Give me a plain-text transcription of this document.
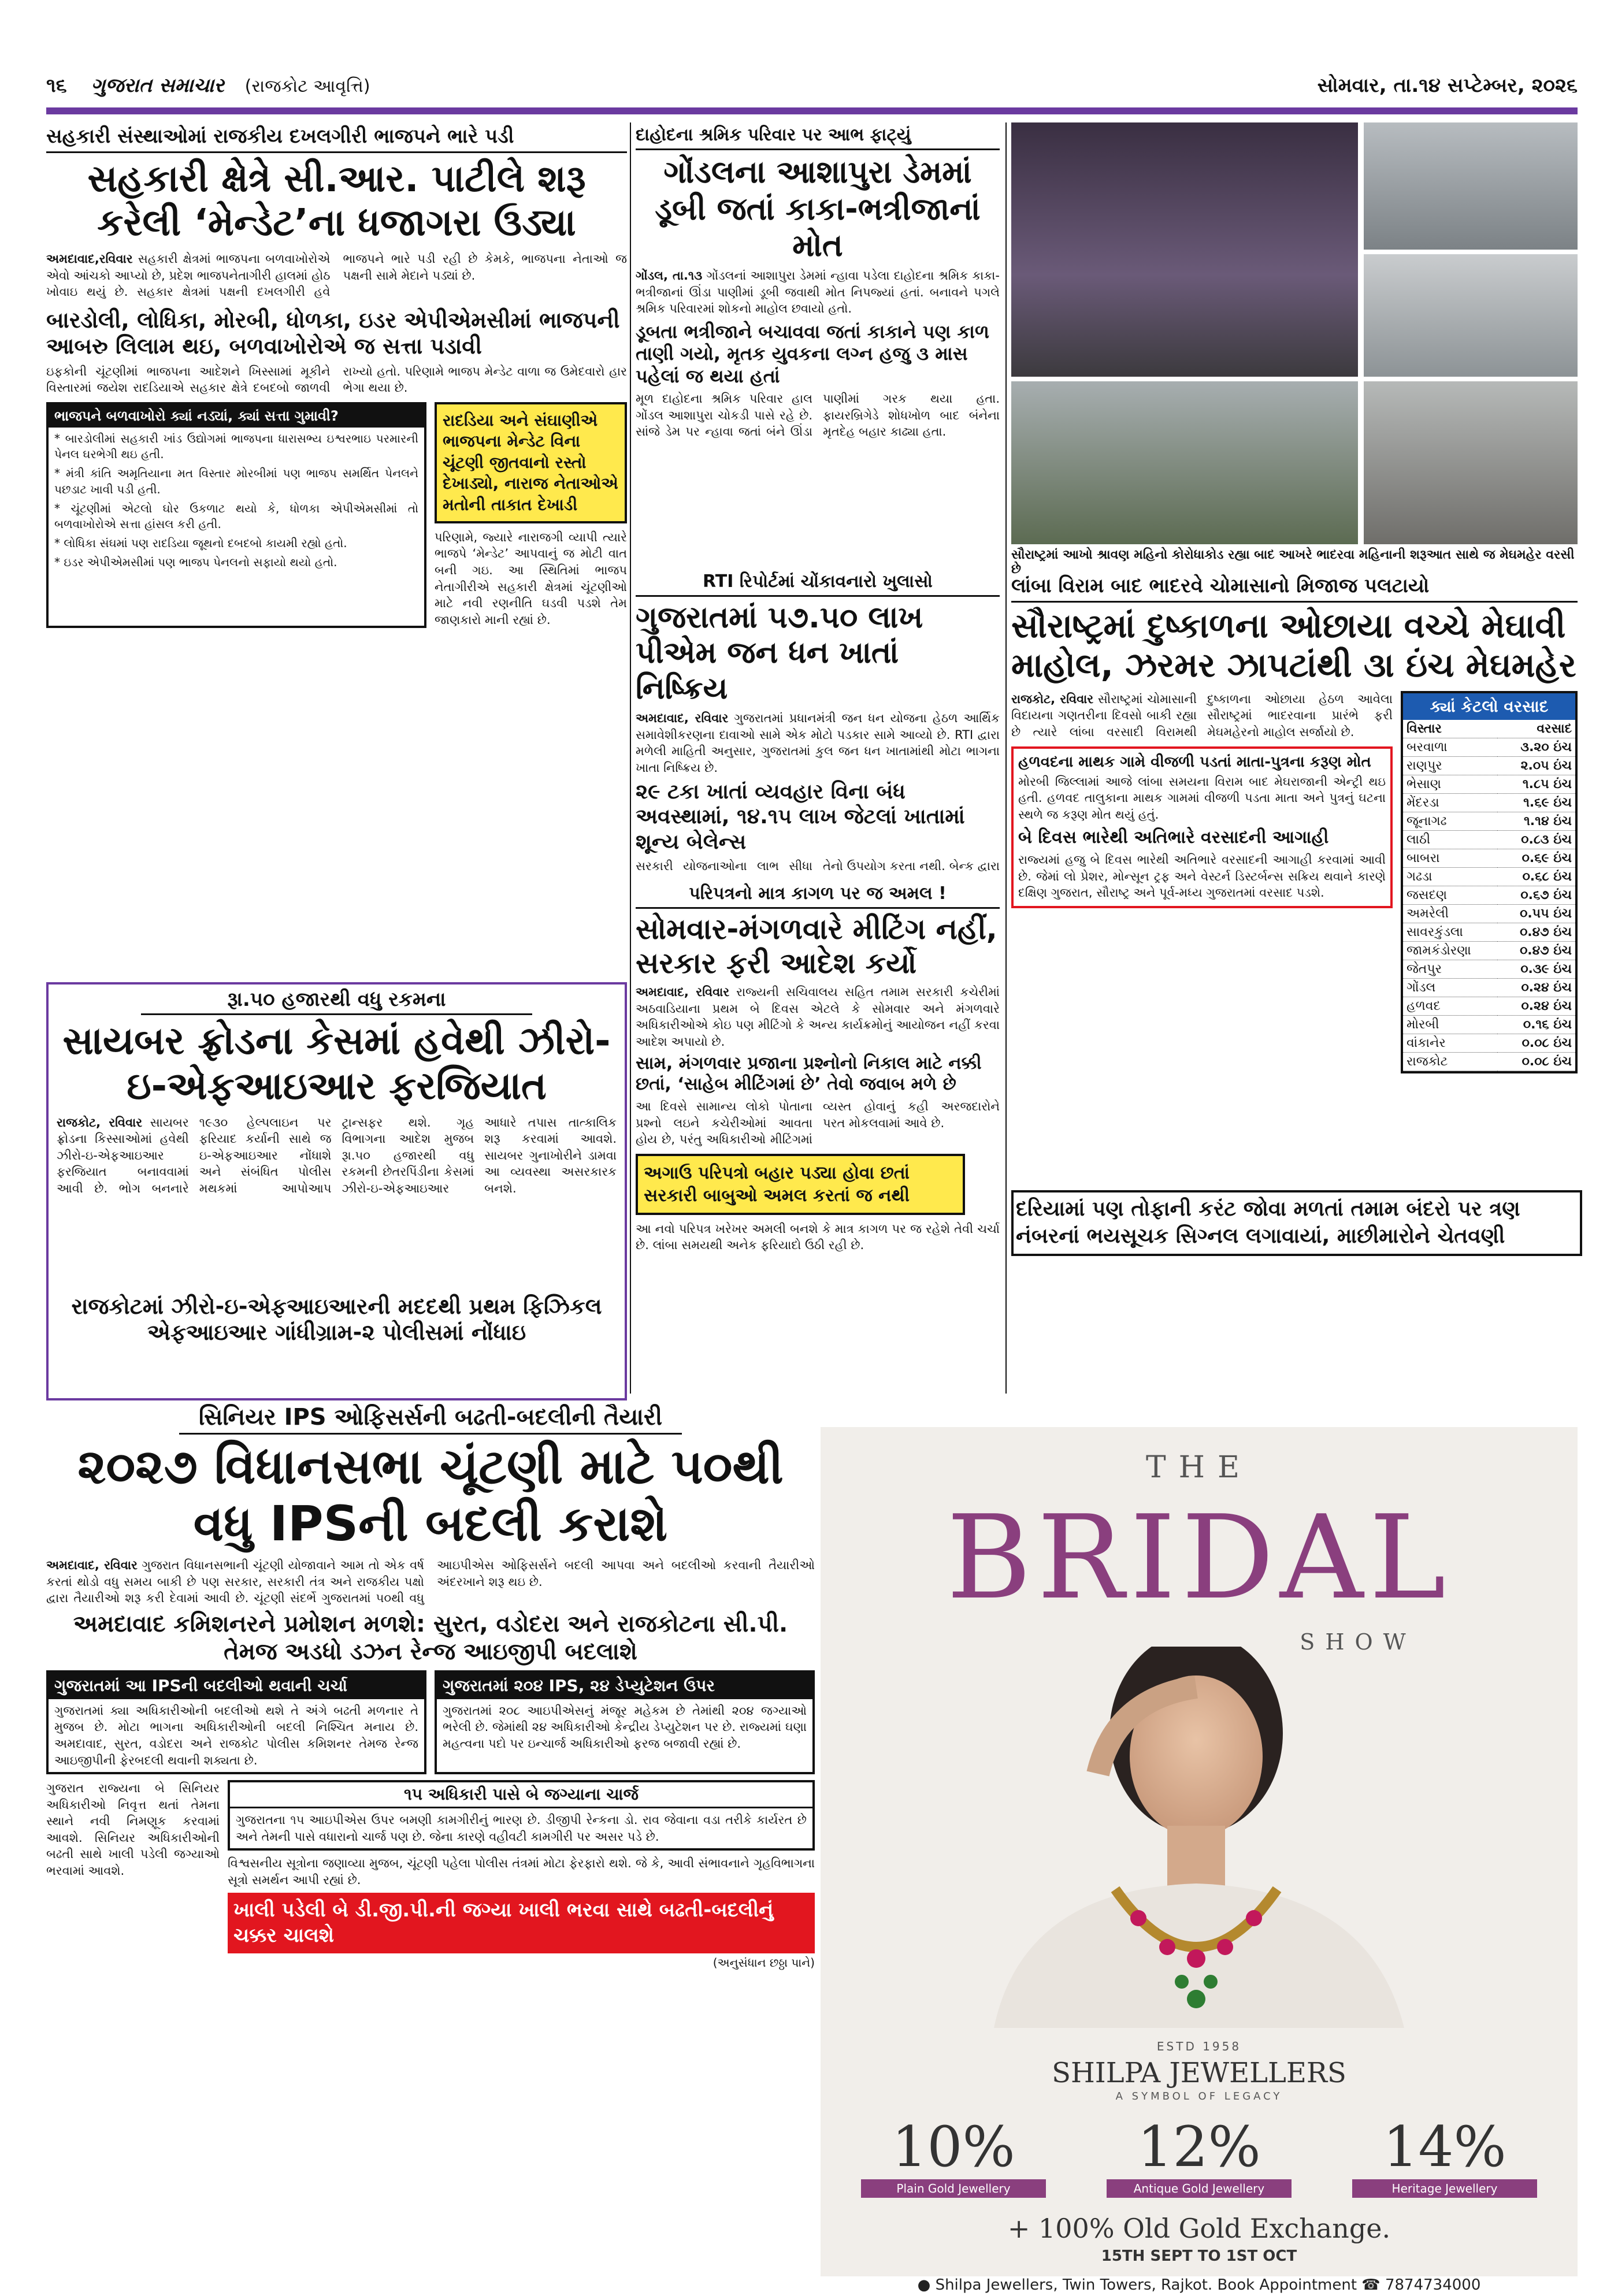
૧૬ ગુજરાત સમાચાર (રાજકોટ આવૃત્તિ)	સોમવાર, તા.૧૪ સપ્ટેમ્બર, ૨૦૨૬
સહકારી સંસ્થાઓમાં રાજકીય દખલગીરી ભાજપને ભારે પડી
સહકારી ક્ષેત્રે સી.આર. પાટીલે શરૂ કરેલી ‘મેન્ડેટ’ના ધજાગરા ઉડ્યા
અમદાવાદ,રવિવાર સહકારી ક્ષેત્રમાં ભાજપના બળવાખોરોએ એવો આંચકો આપ્યો છે, પ્રદેશ ભાજપનેતાગીરી હાલમાં હોઠ ખોવાઇ થયું છે. સહકાર ક્ષેત્રમાં પક્ષની દખલગીરી હવે ભાજપને ભારે પડી રહી છે કેમકે, ભાજપના નેતાઓ જ પક્ષની સામે મેદાને પડ્યાં છે.
બારડોલી, લોધિકા, મોરબી, ધોળકા, ઇડર એપીએમસીમાં ભાજપની આબરુ લિલામ થઇ, બળવાખોરોએ જ સત્તા પડાવી
ઇફકોની ચૂંટણીમાં ભાજપના આદેશને ખિસ્સામાં મૂકીને વિસ્તારમાં જયેશ રાદડિયાએ સહકાર ક્ષેત્રે દબદબો જાળવી રાખ્યો હતો. પરિણામે ભાજપ મેન્ડેટ વાળા જ ઉમેદવારો હાર ભેગા થયા છે.
ભાજપને બળવાખોરો ક્યાં નડ્યાં, ક્યાં સત્તા ગુમાવી?

* બારડોલીમાં સહકારી ખાંડ ઉદ્યોગમાં ભાજપના ધારાસભ્ય ઇશ્વરભાઇ પરમારની પેનલ ઘરભેગી થઇ હતી.

* મંત્રી કાંતિ અમૃતિયાના મત વિસ્તાર મોરબીમાં પણ ભાજપ સમર્થિત પેનલને પછડાટ ખાવી પડી હતી.

* ચૂંટણીમાં એટલો ઘોર ઉકળાટ થયો કે, ધોળકા એપીએમસીમાં તો બળવાખોરોએ સત્તા હાંસલ કરી હતી.

* લોધિકા સંઘમાં પણ રાદડિયા જૂથનો દબદબો કાયમી રહ્યો હતો.

* ઇડર એપીએમસીમાં પણ ભાજપ પેનલનો સફાયો થયો હતો.

રાદડિયા અને સંઘાણીએ ભાજપના મેન્ડેટ વિના ચૂંટણી જીતવાનો રસ્તો દેખાડ્યો, નારાજ નેતાઓએ મતોની તાકાત દેખાડી
પરિણામે, જ્યારે નારાજગી વ્યાપી ત્યારે ભાજપે ‘મેન્ડેટ’ આપવાનું જ મોટી વાત બની ગઇ. આ સ્થિતિમાં ભાજપ નેતાગીરીએ સહકારી ક્ષેત્રમાં ચૂંટણીઓ માટે નવી રણનીતિ ઘડવી પડશે તેમ જાણકારો માની રહ્યાં છે.
રૂા.૫૦ હજારથી વધુ રકમના
સાયબર ફ્રોડના કેસમાં હવેથી ઝીરો-ઇ-એફઆઇઆર ફરજિયાત
રાજકોટ, રવિવાર સાયબર ફ્રોડના કિસ્સાઓમાં હવેથી ઝીરો-ઇ-એફઆઇઆર ફરજિયાત બનાવવામાં આવી છે. ભોગ બનનારે ૧૯૩૦ હેલ્પલાઇન પર ફરિયાદ કર્યાની સાથે જ ઇ-એફઆઇઆર નોંધાશે અને સંબંધિત પોલીસ મથકમાં આપોઆપ ટ્રાન્સફર થશે. ગૃહ વિભાગના આદેશ મુજબ રૂા.૫૦ હજારથી વધુ રકમની છેતરપિંડીના કેસમાં ઝીરો-ઇ-એફઆઇઆર આધારે તપાસ તાત્કાલિક શરૂ કરવામાં આવશે. સાયબર ગુનાખોરીને ડામવા આ વ્યવસ્થા અસરકારક બનશે.
રાજકોટમાં ઝીરો-ઇ-એફઆઇઆરની મદદથી પ્રથમ ફિઝિકલ એફઆઇઆર ગાંધીગ્રામ-૨ પોલીસમાં નોંધાઇ
દાહોદના શ્રમિક પરિવાર પર આભ ફાટ્યું
ગોંડલના આશાપુરા ડેમમાં ડૂબી જતાં કાકા-ભત્રીજાનાં મોત
ગોંડલ, તા.૧૩ ગોંડલનાં આશાપુરા ડેમમાં ન્હાવા પડેલા દાહોદના શ્રમિક કાકા-ભત્રીજાનાં ઊંડા પાણીમાં ડૂબી જવાથી મોત નિપજ્યાં હતાં. બનાવને પગલે શ્રમિક પરિવારમાં શોકનો માહોલ છવાયો હતો.
ડૂબતા ભત્રીજાને બચાવવા જતાં કાકાને પણ કાળ તાણી ગયો, મૃતક યુવકના લગ્ન હજુ ૩ માસ પહેલાં જ થયા હતાં
મૂળ દાહોદના શ્રમિક પરિવાર હાલ ગોંડલ આશાપુરા ચોકડી પાસે રહે છે. સાંજે ડેમ પર ન્હાવા જતાં બંને ઊંડા પાણીમાં ગરક થયા હતા. ફાયરબ્રિગેડે શોધખોળ બાદ બંનેના મૃતદેહ બહાર કાઢ્યા હતા.
RTI રિપોર્ટમાં ચોંકાવનારો ખુલાસો
ગુજરાતમાં ૫૭.૫૦ લાખ પીએમ જન ધન ખાતાં નિષ્ક્રિય
અમદાવાદ, રવિવાર ગુજરાતમાં પ્રધાનમંત્રી જન ધન યોજના હેઠળ આર્થિક સમાવેશીકરણના દાવાઓ સામે એક મોટો પડકાર સામે આવ્યો છે. RTI દ્વારા મળેલી માહિતી અનુસાર, ગુજરાતમાં કુલ જન ધન ખાતામાંથી મોટા ભાગના ખાતા નિષ્ક્રિય છે.
૨૯ ટકા ખાતાં વ્યવહાર વિના બંધ અવસ્થામાં, ૧૪.૧૫ લાખ જેટલાં ખાતામાં શૂન્ય બેલેન્સ
સરકારી યોજનાઓના લાભ સીધા તેનો ઉપયોગ કરતા નથી. બેન્ક દ્વારા
પરિપત્રનો માત્ર કાગળ પર જ અમલ !
સોમવાર-મંગળવારે મીટિંગ નહીં, સરકાર ફરી આદેશ કર્યો
અમદાવાદ, રવિવાર રાજ્યની સચિવાલય સહિત તમામ સરકારી કચેરીમાં અઠવાડિયાના પ્રથમ બે દિવસ એટલે કે સોમવાર અને મંગળવારે અધિકારીઓએ કોઇ પણ મીટિંગો કે અન્ય કાર્યક્રમોનું આયોજન નહીં કરવા આદેશ અપાયો છે.
સામ, મંગળવાર પ્રજાના પ્રશ્નોનો નિકાલ માટે નક્કી છતાં, ‘સાહેબ મીટિંગમાં છે’ તેવો જવાબ મળે છે
આ દિવસે સામાન્ય લોકો પોતાના પ્રશ્નો લઇને કચેરીઓમાં આવતા હોય છે, પરંતુ અધિકારીઓ મીટિંગમાં વ્યસ્ત હોવાનું કહી અરજદારોને પરત મોકલવામાં આવે છે.
અગાઉ પરિપત્રો બહાર પડ્યા હોવા છતાં સરકારી બાબુઓ અમલ કરતાં જ નથી
આ નવો પરિપત્ર ખરેખર અમલી બનશે કે માત્ર કાગળ પર જ રહેશે તેવી ચર્ચા છે. લાંબા સમયથી અનેક ફરિયાદો ઉઠી રહી છે.
સૌરાષ્ટ્રમાં આખો શ્રાવણ મહિનો કોરોધાકોડ રહ્યા બાદ આખરે ભાદરવા મહિનાની શરૂઆત સાથે જ મેઘમહેર વરસી છે
લાંબા વિરામ બાદ ભાદરવે ચોમાસાનો મિજાજ પલટાયો
સૌરાષ્ટ્રમાં દુષ્કાળના ઓછાયા વચ્ચે મેઘાવી માહોલ, ઝરમર ઝાપટાંથી ૩ા ઇંચ મેઘમહેર
રાજકોટ, રવિવાર સૌરાષ્ટ્રમાં ચોમાસાની વિદાયના ગણતરીના દિવસો બાકી રહ્યા છે ત્યારે લાંબા વરસાદી વિરામથી દુષ્કાળના ઓછાયા હેઠળ આવેલા સૌરાષ્ટ્રમાં ભાદરવાના પ્રારંભે ફરી મેઘમહેરનો માહોલ સર્જાયો છે.
હળવદના માથક ગામે વીજળી પડતાં માતા-પુત્રના કરૂણ મોત
મોરબી જિલ્લામાં આજે લાંબા સમયના વિરામ બાદ મેઘરાજાની એન્ટ્રી થઇ હતી. હળવદ તાલુકાના માથક ગામમાં વીજળી પડતા માતા અને પુત્રનું ઘટના સ્થળે જ કરૂણ મોત થયું હતું.
બે દિવસ ભારેથી અતિભારે વરસાદની આગાહી
રાજ્યમાં હજુ બે દિવસ ભારેથી અતિભારે વરસાદની આગાહી કરવામાં આવી છે. જેમાં લો પ્રેશર, મોન્સૂન ટ્રફ અને વેસ્ટર્ન ડિસ્ટર્બન્સ સક્રિય થવાને કારણે દક્ષિણ ગુજરાત, સૌરાષ્ટ્ર અને પૂર્વ-મધ્ય ગુજરાતમાં વરસાદ પડશે.
ક્યાં કેટલો વરસાદ
વિસ્તાર	વરસાદ
બરવાળા	૩.૨૦ ઇંચ
રાણપુર	૨.૦૫ ઇંચ
ભેસાણ	૧.૮૫ ઇંચ
મેંદરડા	૧.૬૯ ઇંચ
જૂનાગઢ	૧.૧૪ ઇંચ
લાઠી	૦.૮૩ ઇંચ
બાબરા	૦.૬૯ ઇંચ
ગઢડા	૦.૬૮ ઇંચ
જસદણ	૦.૬૭ ઇંચ
અમરેલી	૦.૫૫ ઇંચ
સાવરકુંડલા	૦.૪૭ ઇંચ
જામકંડોરણા	૦.૪૭ ઇંચ
જેતપુર	૦.૩૯ ઇંચ
ગોંડલ	૦.૨૪ ઇંચ
હળવદ	૦.૨૪ ઇંચ
મોરબી	૦.૧૬ ઇંચ
વાંકાનેર	૦.૦૮ ઇંચ
રાજકોટ	૦.૦૮ ઇંચ
દરિયામાં પણ તોફાની કરંટ જોવા મળતાં તમામ બંદરો પર ત્રણ નંબરનાં ભયસૂચક સિગ્નલ લગાવાયાં, માછીમારોને ચેતવણી
સિનિયર IPS ઓફિસર્સની બઢતી-બદલીની તૈયારી
૨૦૨૭ વિધાનસભા ચૂંટણી માટે ૫૦થી વધુ IPSની બદલી કરાશે
અમદાવાદ, રવિવાર ગુજરાત વિધાનસભાની ચૂંટણી યોજાવાને આમ તો એક વર્ષ કરતાં થોડો વધુ સમય બાકી છે પણ સરકાર, સરકારી તંત્ર અને રાજકીય પક્ષો દ્વારા તૈયારીઓ શરૂ કરી દેવામાં આવી છે. ચૂંટણી સંદર્ભે ગુજરાતમાં ૫૦થી વધુ આઇપીએસ ઓફિસર્સને બદલી આપવા અને બદલીઓ કરવાની તૈયારીઓ અંદરખાને શરૂ થઇ છે.
અમદાવાદ કમિશનરને પ્રમોશન મળશે: સુરત, વડોદરા અને રાજકોટના સી.પી. તેમજ અડધો ડઝન રેન્જ આઇજીપી બદલાશે
ગુજરાતમાં આ IPSની બદલીઓ થવાની ચર્ચા
ગુજરાતમાં ક્યા અધિકારીઓની બદલીઓ થશે તે અંગે બઢતી મળનાર તે મુજબ છે. મોટા ભાગના અધિકારીઓની બદલી નિશ્ચિત મનાય છે. અમદાવાદ, સુરત, વડોદરા અને રાજકોટ પોલીસ કમિશનર તેમજ રેન્જ આઇજીપીની ફેરબદલી થવાની શક્યતા છે.
ગુજરાતમાં ૨૦૪ IPS, ૨૪ ડેપ્યુટેશન ઉપર
ગુજરાતમાં ૨૦૮ આઇપીએસનું મંજૂર મહેકમ છે તેમાંથી ૨૦૪ જગ્યાઓ ભરેલી છે. જેમાંથી ૨૪ અધિકારીઓ કેન્દ્રીય ડેપ્યુટેશન પર છે. રાજ્યમાં ઘણા મહત્વના પદો પર ઇન્ચાર્જ અધિકારીઓ ફરજ બજાવી રહ્યાં છે.
ગુજરાત રાજ્યના બે સિનિયર અધિકારીઓ નિવૃત્ત થતાં તેમના સ્થાને નવી નિમણૂક કરવામાં આવશે. સિનિયર અધિકારીઓની બઢતી સાથે ખાલી પડેલી જગ્યાઓ ભરવામાં આવશે.
૧૫ અધિકારી પાસે બે જગ્યાના ચાર્જ
ગુજરાતના ૧૫ આઇપીએસ ઉપર બમણી કામગીરીનું ભારણ છે. ડીજીપી રેન્કના ડો. રાવ જેવાના વડા તરીકે કાર્યરત છે અને તેમની પાસે વધારાનો ચાર્જ પણ છે. જેના કારણે વહીવટી કામગીરી પર અસર પડે છે.
વિશ્વસનીય સૂત્રોના જણાવ્યા મુજબ, ચૂંટણી પહેલા પોલીસ તંત્રમાં મોટા ફેરફારો થશે. જે કે, આવી સંભાવનાને ગૃહવિભાગના સૂત્રો સમર્થન આપી રહ્યાં છે.
ખાલી પડેલી બે ડી.જી.પી.ની જગ્યા ખાલી ભરવા સાથે બઢતી-બદલીનું ચક્કર ચાલશે
(અનુસંધાન છઠ્ઠા પાને)
THE
BRIDAL
SHOW
ESTD 1958
SHILPA JEWELLERS
A SYMBOL OF LEGACY
10%
Plain Gold Jewellery
12%
Antique Gold Jewellery
14%
Heritage Jewellery
+ 100% Old Gold Exchange.
15TH SEPT TO 1ST OCT
● Shilpa Jewellers, Twin Towers, Rajkot. Book Appointment ☎ 7874734000
